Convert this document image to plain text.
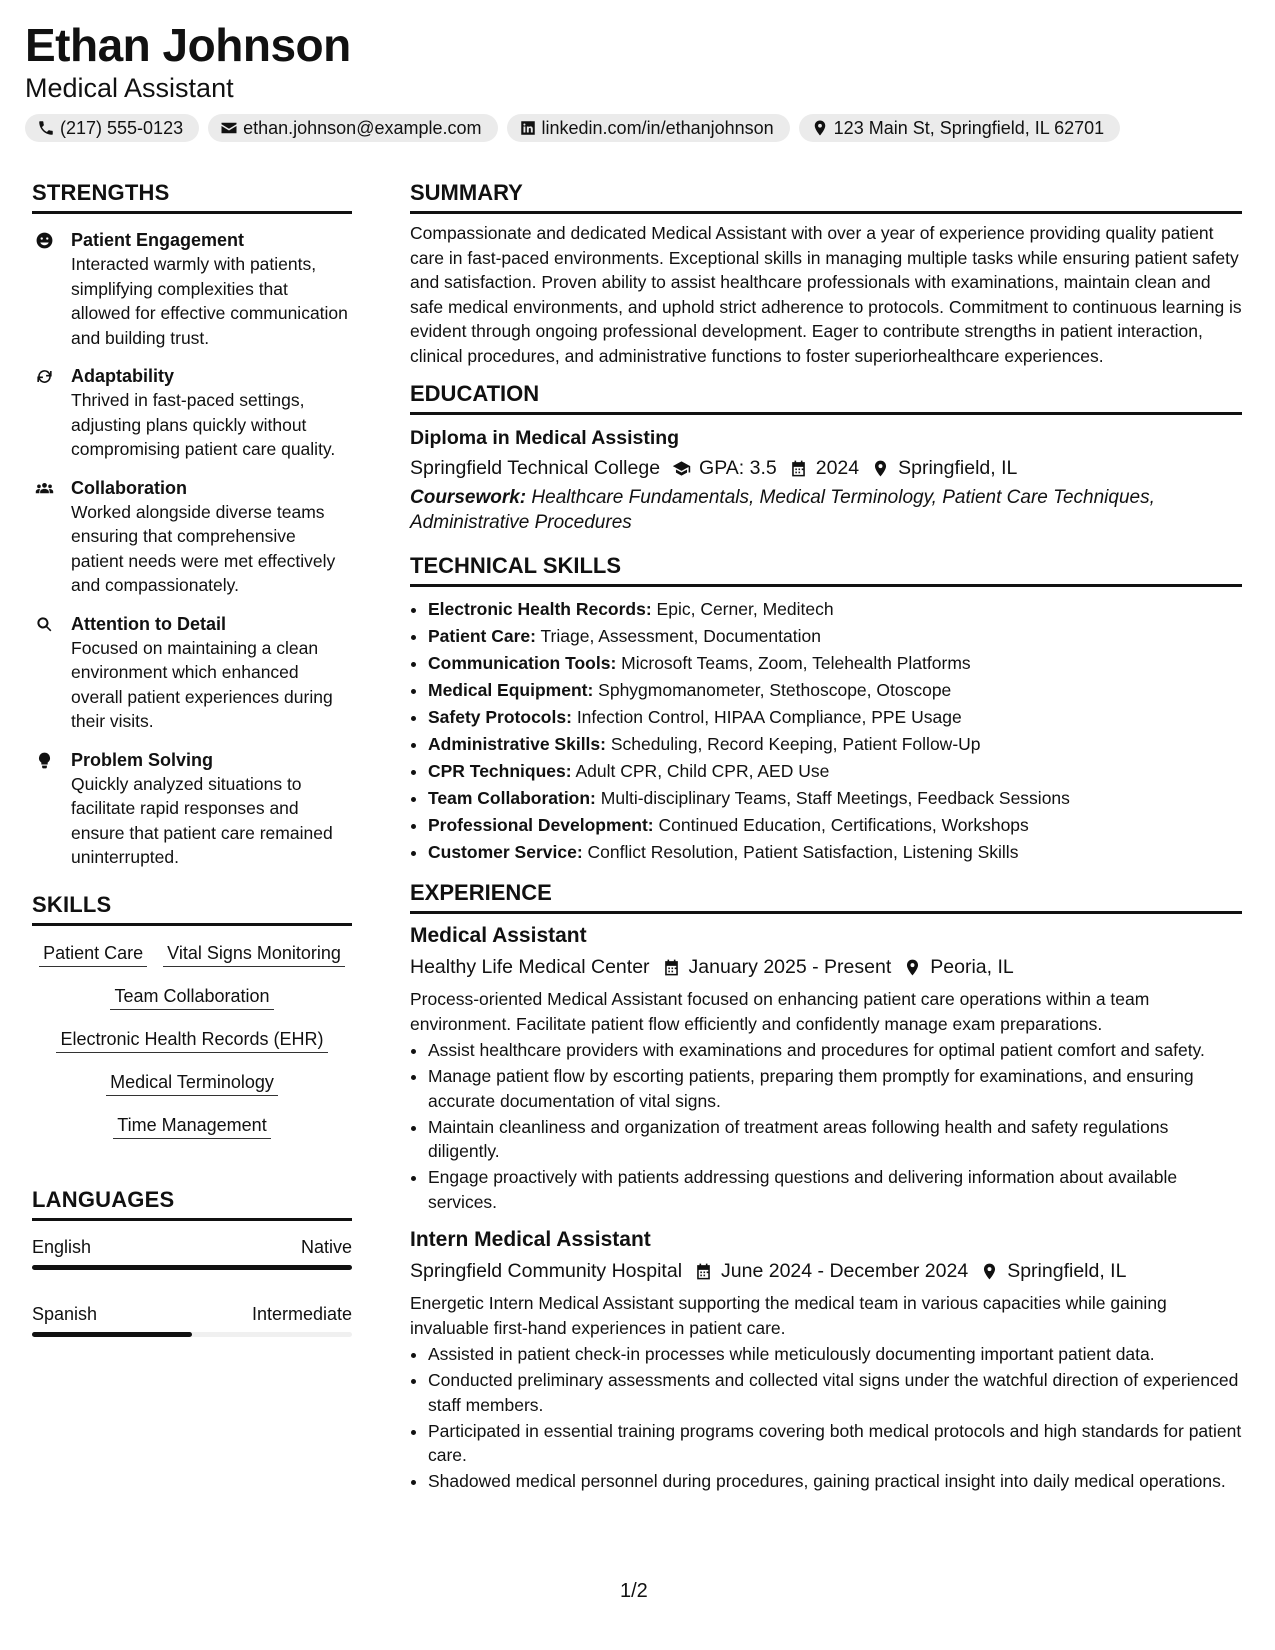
Ethan Johnson
Medical Assistant
(217) 555-0123	ethan.johnson@example.com	linkedin.com/in/ethanjohnson	123 Main St, Springfield, IL 62701
STRENGTHS
Patient Engagement
Interacted warmly with patients, simplifying complexities that allowed for effective communication and building trust.
Adaptability
Thrived in fast-paced settings, adjusting plans quickly without compromising patient care quality.
Collaboration
Worked alongside diverse teams ensuring that comprehensive patient needs were met effectively and compassionately.
Attention to Detail
Focused on maintaining a clean environment which enhanced overall patient experiences during their visits.
Problem Solving
Quickly analyzed situations to facilitate rapid responses and ensure that patient care remained uninterrupted.
SKILLS
Patient Care Vital Signs Monitoring
Team Collaboration
Electronic Health Records (EHR)
Medical Terminology
Time Management
LANGUAGES
English	Native
Spanish	Intermediate
SUMMARY
Compassionate and dedicated Medical Assistant with over a year of experience providing quality patient care in fast-paced environments. Exceptional skills in managing multiple tasks while ensuring patient safety and satisfaction. Proven ability to assist healthcare professionals with examinations, maintain clean and safe medical environments, and uphold strict adherence to protocols. Commitment to continuous learning is evident through ongoing professional development. Eager to contribute strengths in patient interaction, clinical procedures, and administrative functions to foster superiorhealthcare experiences.
EDUCATION
Diploma in Medical Assisting
Springfield Technical College GPA: 3.5 2024 Springfield, IL
Coursework: Healthcare Fundamentals, Medical Terminology, Patient Care Techniques, Administrative Procedures
TECHNICAL SKILLS
• Electronic Health Records: Epic, Cerner, Meditech
• Patient Care: Triage, Assessment, Documentation
• Communication Tools: Microsoft Teams, Zoom, Telehealth Platforms
• Medical Equipment: Sphygmomanometer, Stethoscope, Otoscope
• Safety Protocols: Infection Control, HIPAA Compliance, PPE Usage
• Administrative Skills: Scheduling, Record Keeping, Patient Follow-Up
• CPR Techniques: Adult CPR, Child CPR, AED Use
• Team Collaboration: Multi-disciplinary Teams, Staff Meetings, Feedback Sessions
• Professional Development: Continued Education, Certifications, Workshops
• Customer Service: Conflict Resolution, Patient Satisfaction, Listening Skills
EXPERIENCE
Medical Assistant
Healthy Life Medical Center January 2025 - Present Peoria, IL
Process-oriented Medical Assistant focused on enhancing patient care operations within a team environment. Facilitate patient flow efficiently and confidently manage exam preparations.
• Assist healthcare providers with examinations and procedures for optimal patient comfort and safety.
• Manage patient flow by escorting patients, preparing them promptly for examinations, and ensuring accurate documentation of vital signs.
• Maintain cleanliness and organization of treatment areas following health and safety regulations diligently.
• Engage proactively with patients addressing questions and delivering information about available services.
Intern Medical Assistant
Springfield Community Hospital June 2024 - December 2024 Springfield, IL
Energetic Intern Medical Assistant supporting the medical team in various capacities while gaining invaluable first-hand experiences in patient care.
• Assisted in patient check-in processes while meticulously documenting important patient data.
• Conducted preliminary assessments and collected vital signs under the watchful direction of experienced staff members.
• Participated in essential training programs covering both medical protocols and high standards for patient care.
• Shadowed medical personnel during procedures, gaining practical insight into daily medical operations.
1/2
